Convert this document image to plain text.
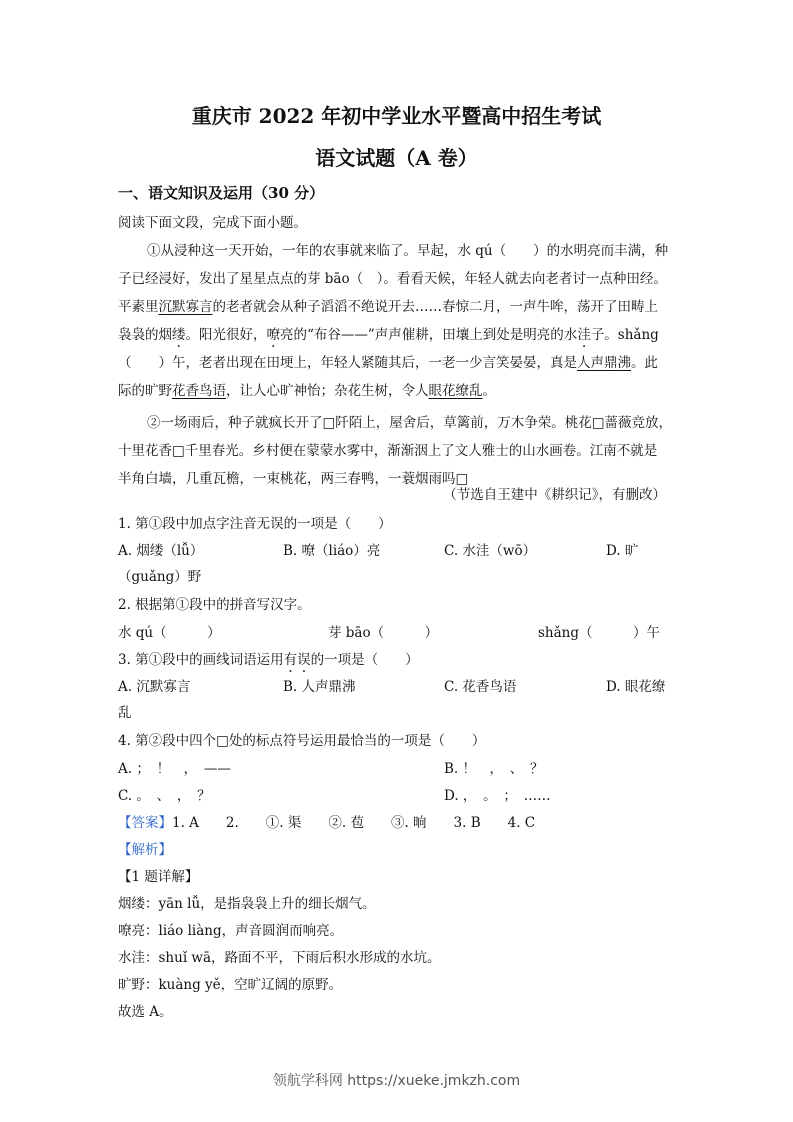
重庆市 2022 年初中学业水平暨高中招生考试
语文试题（A 卷）
一、语文知识及运用（30 分）
阅读下面文段，完成下面小题。
①从浸种这一天开始，一年的农事就来临了。早起，水 qú（　　）的水明亮而丰满，种
子已经浸好，发出了星星点点的芽 bāo（　）。看看天候，年轻人就去向老者讨一点种田经。
平素里沉默寡言的老者就会从种子滔滔不绝说开去……春惊二月，一声牛哞，荡开了田畴上
袅袅的烟缕。阳光很好，嘹亮的“布谷——”声声催耕，田壤上到处是明亮的水洼子。shǎng
（　　）午，老者出现在田埂上，年轻人紧随其后，一老一少言笑晏晏，真是人声鼎沸。此
际的旷野花香鸟语，让人心旷神怡；杂花生树，令人眼花缭乱。
②一场雨后，种子就疯长开了□阡陌上，屋舍后，草篱前，万木争荣。桃花□蔷薇竞放，
十里花香□千里春光。乡村便在蒙蒙水雾中，渐渐洇上了文人雅士的山水画卷。江南不就是
半角白墙，几重瓦檐，一束桃花，两三春鸭，一蓑烟雨吗□
（节选自王建中《耕织记》，有删改）
1. 第①段中加点字注音无误的一项是（　　）
A. 烟缕（lǚ）	B. 嘹（liáo）亮	C. 水洼（wō）	D. 旷
（guǎng）野
2. 根据第①段中的拼音写汉字。
水 qú（　　　）	芽 bāo（　　　）	shǎng（　　　）午
3. 第①段中的画线词语运用有误的一项是（　　）
A. 沉默寡言	B. 人声鼎沸	C. 花香鸟语	D. 眼花缭
乱
4. 第②段中四个□处的标点符号运用最恰当的一项是（　　）
A. ；　！　，　——	B. ！　，　、　？
C. 。　、　，　？	D. ，　。　；　……
【答案】1. A　　2.　　①. 渠　　②. 苞　　③. 晌　　3. B　　4. C
【解析】
【1 题详解】
烟缕：yān lǚ，是指袅袅上升的细长烟气。
嘹亮：liáo liàng，声音圆润而响亮。
水洼：shuǐ wā，路面不平，下雨后积水形成的水坑。
旷野：kuàng yě，空旷辽阔的原野。
故选 A。
领航学科网 https://xueke.jmkzh.com
